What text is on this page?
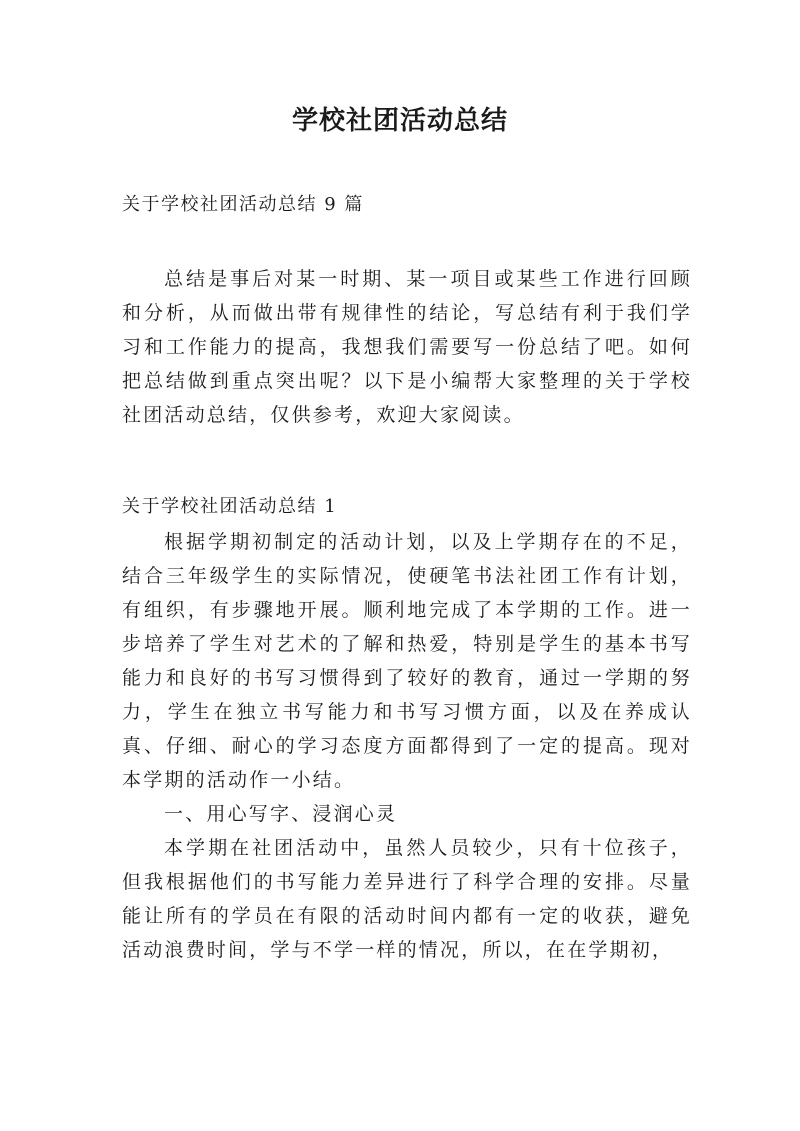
学校社团活动总结

关于学校社团活动总结 9 篇

总结是事后对某一时期、某一项目或某些工作进行回顾和分析，从而做出带有规律性的结论，写总结有利于我们学习和工作能力的提高，我想我们需要写一份总结了吧。如何把总结做到重点突出呢？以下是小编帮大家整理的关于学校社团活动总结，仅供参考，欢迎大家阅读。

关于学校社团活动总结 1

根据学期初制定的活动计划，以及上学期存在的不足，结合三年级学生的实际情况，使硬笔书法社团工作有计划，有组织，有步骤地开展。顺利地完成了本学期的工作。进一步培养了学生对艺术的了解和热爱，特别是学生的基本书写能力和良好的书写习惯得到了较好的教育，通过一学期的努力，学生在独立书写能力和书写习惯方面，以及在养成认真、仔细、耐心的学习态度方面都得到了一定的提高。现对本学期的活动作一小结。

一、用心写字、浸润心灵

本学期在社团活动中，虽然人员较少，只有十位孩子，但我根据他们的书写能力差异进行了科学合理的安排。尽量能让所有的学员在有限的活动时间内都有一定的收获，避免活动浪费时间，学与不学一样的情况，所以，在在学期初，
